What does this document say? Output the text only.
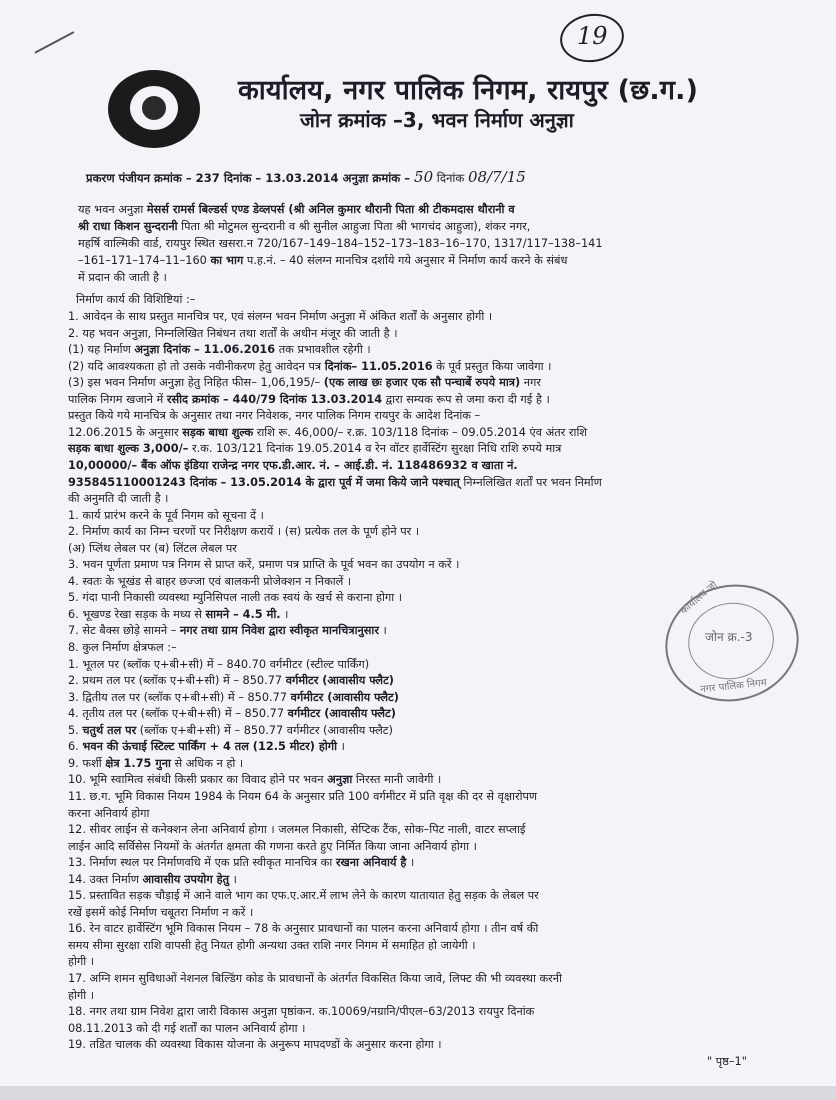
19
कार्यालय, नगर पालिक निगम, रायपुर (छ.ग.)
जोन क्रमांक –3, भवन निर्माण अनुज्ञा
प्रकरण पंजीयन क्रमांक – 237 दिनांक – 13.03.2014 अनुज्ञा क्रमांक – 50 दिनांक 08/7/15
यह भवन अनुज्ञा मेसर्स रामर्स बिल्डर्स एण्ड डेव्लपर्स (श्री अनिल कुमार थौरानी पिता श्री टीकमदास थौरानी व
श्री राधा किशन सुन्दरानी पिता श्री मोटुमल सुन्दरानी व श्री सुनील आहुजा पिता श्री भागचंद आहुजा), शंकर नगर,
महर्षि वाल्मिकी वार्ड, रायपुर स्थित खसरा.न 720/167–149–184–152–173–183–16–170, 1317/117–138–141
–161–171–174–11–160 का भाग प.ह.नं. – 40 संलग्न मानचित्र दर्शाये गये अनुसार में निर्माण कार्य करने के संबंध
में प्रदान की जाती है ।
निर्माण कार्य की विशिष्टियां :–
1. आवेदन के साथ प्रस्तुत मानचित्र पर, एवं संलग्न भवन निर्माण अनुज्ञा में अंकित शर्तों के अनुसार होगी ।
2. यह भवन अनुज्ञा, निम्नलिखित निबंधन तथा शर्तों के अधीन मंजूर की जाती है ।
(1) यह निर्माण अनुज्ञा दिनांक – 11.06.2016 तक प्रभावशील रहेगी ।
(2) यदि आवश्यकता हो तो उसके नवीनीकरण हेतु आवेदन पत्र दिनांक– 11.05.2016 के पूर्व प्रस्तुत किया जावेगा ।
(3) इस भवन निर्माण अनुज्ञा हेतु निहित फीस– 1,06,195/– (एक लाख छः हजार एक सौ पन्चाबें रुपये मात्र) नगर
पालिक निगम खजाने में रसीद क्रमांक – 440/79 दिनांक 13.03.2014 द्वारा सम्यक रूप से जमा करा दी गई है ।
प्रस्तुत किये गये मानचित्र के अनुसार तथा नगर निवेशक, नगर पालिक निगम रायपुर के आदेश दिनांक –
12.06.2015 के अनुसार सड़क बाधा शुल्क राशि रू. 46,000/– र.क्र. 103/118 दिनांक – 09.05.2014 एंव अंतर राशि
सड़क बाधा शुल्क 3,000/– र.क. 103/121 दिनांक 19.05.2014 व रेन वॉटर हार्वेस्टिंग सुरक्षा निधि राशि रुपये मात्र
10,00000/– बैंक ऑफ इंडिया राजेन्द्र नगर एफ.डी.आर. नं. – आई.डी. नं. 118486932 व खाता नं.
935845110001243 दिनांक – 13.05.2014 के द्वारा पूर्व में जमा किये जाने पश्चात् निम्नलिखित शर्तों पर भवन निर्माण
की अनुमति दी जाती है ।
1. कार्य प्रारंभ करने के पूर्व निगम को सूचना दें ।
2. निर्माण कार्य का निम्न चरणों पर निरीक्षण करायें । (स) प्रत्येक तल के पूर्ण होने पर ।
(अ) प्लिंथ लेबल पर (ब) लिंटल लेबल पर
3. भवन पूर्णता प्रमाण पत्र निगम से प्राप्त करें, प्रमाण पत्र प्राप्ति के पूर्व भवन का उपयोग न करें ।
4. स्वतः के भूखंड से बाहर छज्जा एवं बालकनी प्रोजेक्शन न निकालें ।
5. गंदा पानी निकासी व्यवस्था म्युनिसिपल नाली तक स्वयं के खर्च से कराना होगा ।
6. भूखण्ड रेखा सड़क के मध्य से सामने – 4.5 मी. ।
7. सेट बैक्स छोड़े सामने – नगर तथा ग्राम निवेश द्वारा स्वीकृत मानचित्रानुसार ।
8. कुल निर्माण क्षेत्रफल :–
1. भूतल पर (ब्लॉक ए+बी+सी) में – 840.70 वर्गमीटर (स्टील्ट पार्किंग)
2. प्रथम तल पर (ब्लॉक ए+बी+सी) में – 850.77 वर्गमीटर (आवासीय फ्लैट)
3. द्वितीय तल पर (ब्लॉक ए+बी+सी) में – 850.77 वर्गमीटर (आवासीय फ्लैट)
4. तृतीय तल पर (ब्लॉक ए+बी+सी) में – 850.77 वर्गमीटर (आवासीय फ्लैट)
5. चतुर्थ तल पर (ब्लॉक ए+बी+सी) में – 850.77 वर्गमीटर (आवासीय फ्लैट)
6. भवन की ऊंचाई स्टिल्ट पार्किंग + 4 तल (12.5 मीटर) होगी ।
9. फर्शी क्षेत्र 1.75 गुना से अधिक न हो ।
10. भूमि स्वामित्व संबंधी किसी प्रकार का विवाद होने पर भवन अनुज्ञा निरस्त मानी जावेगी ।
11. छ.ग. भूमि विकास नियम 1984 के नियम 64 के अनुसार प्रति 100 वर्गमीटर में प्रति वृक्ष की दर से वृक्षारोपण
करना अनिवार्य होगा
12. सीवर लाईन से कनेक्शन लेना अनिवार्य होगा । जलमल निकासी, सेप्टिक टैंक, सोक–पिट नाली, वाटर सप्लाई
लाईन आदि सर्विसेस नियमों के अंतर्गत क्षमता की गणना करते हुए निर्मित किया जाना अनिवार्य होगा ।
13. निर्माण स्थल पर निर्माणवधि में एक प्रति स्वीकृत मानचित्र का रखना अनिवार्य है ।
14. उक्त निर्माण आवासीय उपयोग हेतु ।
15. प्रस्तावित सड़क चौड़ाई में आने वाले भाग का एफ.ए.आर.में लाभ लेने के कारण यातायात हेतु सड़क के लेबल पर
रखें इसमें कोई निर्माण चबूतरा निर्माण न करें ।
16. रेन वाटर हार्वेस्टिंग भूमि विकास नियम – 78 के अनुसार प्रावधानों का पालन करना अनिवार्य होगा । तीन वर्ष की
समय सीमा सुरक्षा राशि वापसी हेतु नियत होगी अन्यथा उक्त राशि नगर निगम में समाहित हो जायेगी ।
होगी ।
17. अग्नि शमन सुविधाओं नेशनल बिल्डिंग कोड के प्रावधानों के अंतर्गत विकसित किया जावे, लिफ्ट की भी व्यवस्था करनी
होगी ।
18. नगर तथा ग्राम निवेश द्वारा जारी विकास अनुज्ञा पृष्ठांकन. क.10069/नग्रानि/पीएल–63/2013 रायपुर दिनांक
08.11.2013 को दी गई शर्तों का पालन अनिवार्य होगा ।
19. तडित चालक की व्यवस्था विकास योजना के अनुरूप मापदण्डों के अनुसार करना होगा ।
कार्यालय जो
जोन क्र.-3
नगर पालिक निगम
" पृष्ठ–1"
